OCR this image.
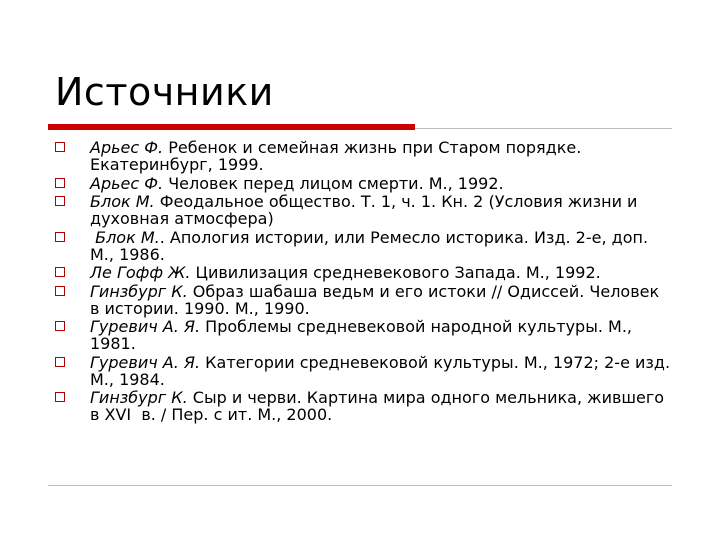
Источники
Арьес Ф. Ребенок и семейная жизнь при Старом порядке. Екатеринбург, 1999.
Арьес Ф. Человек перед лицом смерти. М., 1992.
Блок М. Феодальное общество. Т. 1, ч. 1. Кн. 2 (Условия жизни и духовная атмосфера)
Блок М.. Апология истории, или Ремесло историка. Изд. 2-е, доп. М., 1986.
Ле Гофф Ж. Цивилизация средневекового Запада. М., 1992.
Гинзбург К. Образ шабаша ведьм и его истоки // Одиссей. Человек в истории. 1990. М., 1990.
Гуревич А. Я. Проблемы средневековой народной культуры. М., 1981.
Гуревич А. Я. Категории средневековой культуры. М., 1972; 2-е изд. М., 1984.
Гинзбург К. Сыр и черви. Картина мира одного мельника, жившего в XVI  в. / Пер. с ит. М., 2000.
